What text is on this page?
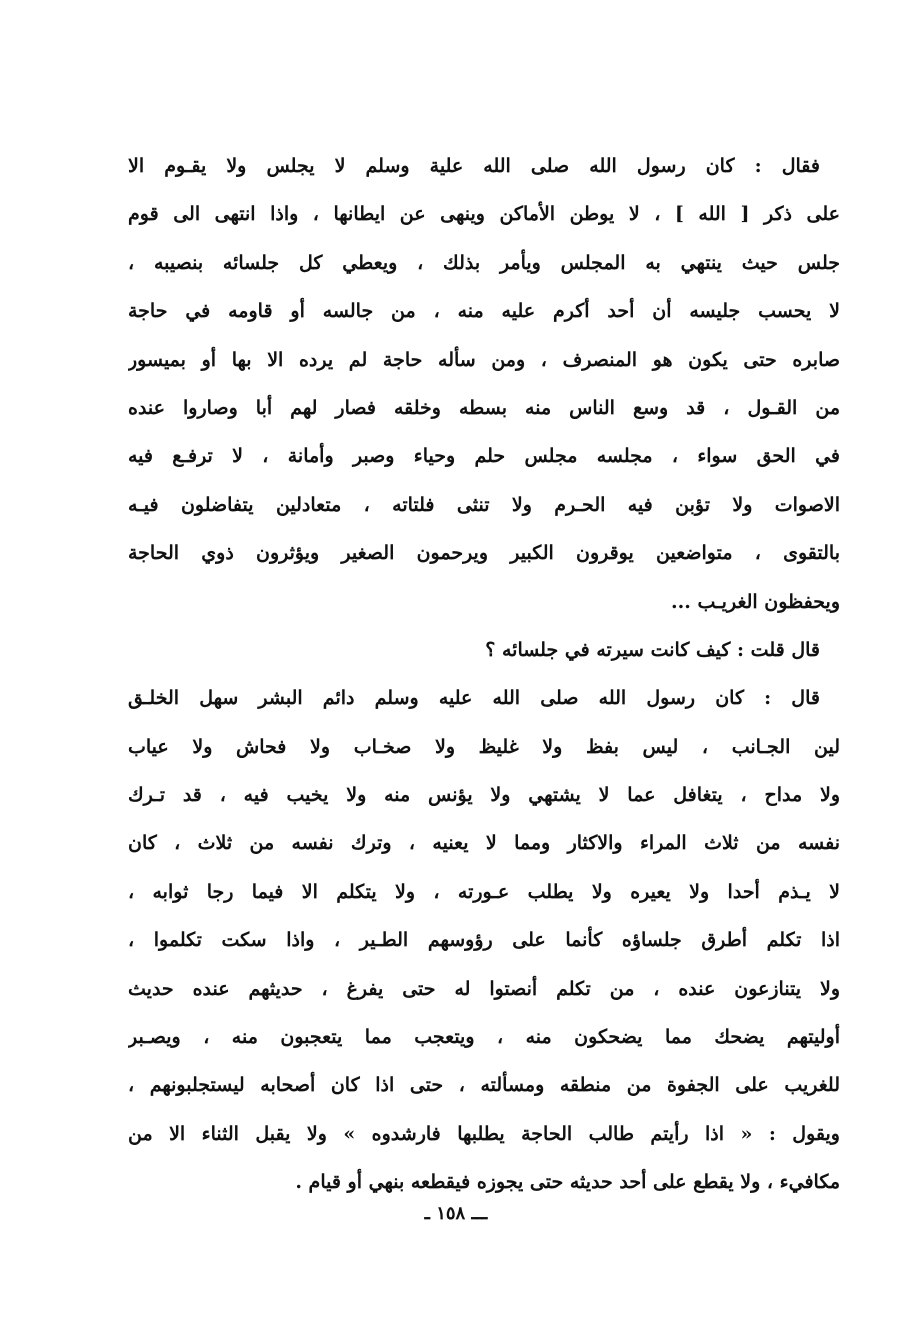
فقال : كان رسول الله صلى الله علية وسلم لا يجلس ولا يقـوم الا
على ذكر [ الله ] ، لا يوطن الأماكن وينهى عن ايطانها ، واذا انتهى الى قوم
جلس حيث ينتهي به المجلس ويأمر بذلك ، ويعطي كل جلسائه بنصيبه ،
لا يحسب جليسه أن أحد أكرم عليه منه ، من جالسه أو قاومه في حاجة
صابره حتى يكون هو المنصرف ، ومن سأله حاجة لم يرده الا بها أو بميسور
من القـول ، قد وسع الناس منه بسطه وخلقه فصار لهم أبا وصاروا عنده
في الحق سواء ، مجلسه مجلس حلم وحياء وصبر وأمانة ، لا ترفـع فيه
الاصوات ولا تؤبن فيه الحـرم ولا تنثى فلتاته ، متعادلين يتفاضلون فيـه
بالتقوى ، متواضعين يوقرون الكبير ويرحمون الصغير ويؤثرون ذوي الحاجة
ويحفظون الغريـب ...
قال قلت : كيف كانت سيرته في جلسائه ؟
قال : كان رسول الله صلى الله عليه وسلم دائم البشر سهل الخلـق
لين الجـانب ، ليس بفظ ولا غليظ ولا صخـاب ولا فحاش ولا عياب
ولا مداح ، يتغافل عما لا يشتهي ولا يؤنس منه ولا يخيب فيه ، قد تـرك
نفسه من ثلاث المراء والاكثار ومما لا يعنيه ، وترك نفسه من ثلاث ، كان
لا يـذم أحدا ولا يعيره ولا يطلب عـورته ، ولا يتكلم الا فيما رجا ثوابه ،
اذا تكلم أطرق جلساؤه كأنما على رؤوسهم الطـير ، واذا سكت تكلموا ،
ولا يتنازعون عنده ، من تكلم أنصتوا له حتى يفرغ ، حديثهم عنده حديث
أوليتهم يضحك مما يضحكون منه ، ويتعجب مما يتعجبون منه ، ويصـبر
للغريب على الجفوة من منطقه ومسألته ، حتى اذا كان أصحابه ليستجلبونهم ،
ويقول : « اذا رأيتم طالب الحاجة يطلبها فارشدوه » ولا يقبل الثناء الا من
مكافيء ، ولا يقطع على أحد حديثه حتى يجوزه فيقطعه بنهي أو قيام .
ـــ ١٥٨ ـ
